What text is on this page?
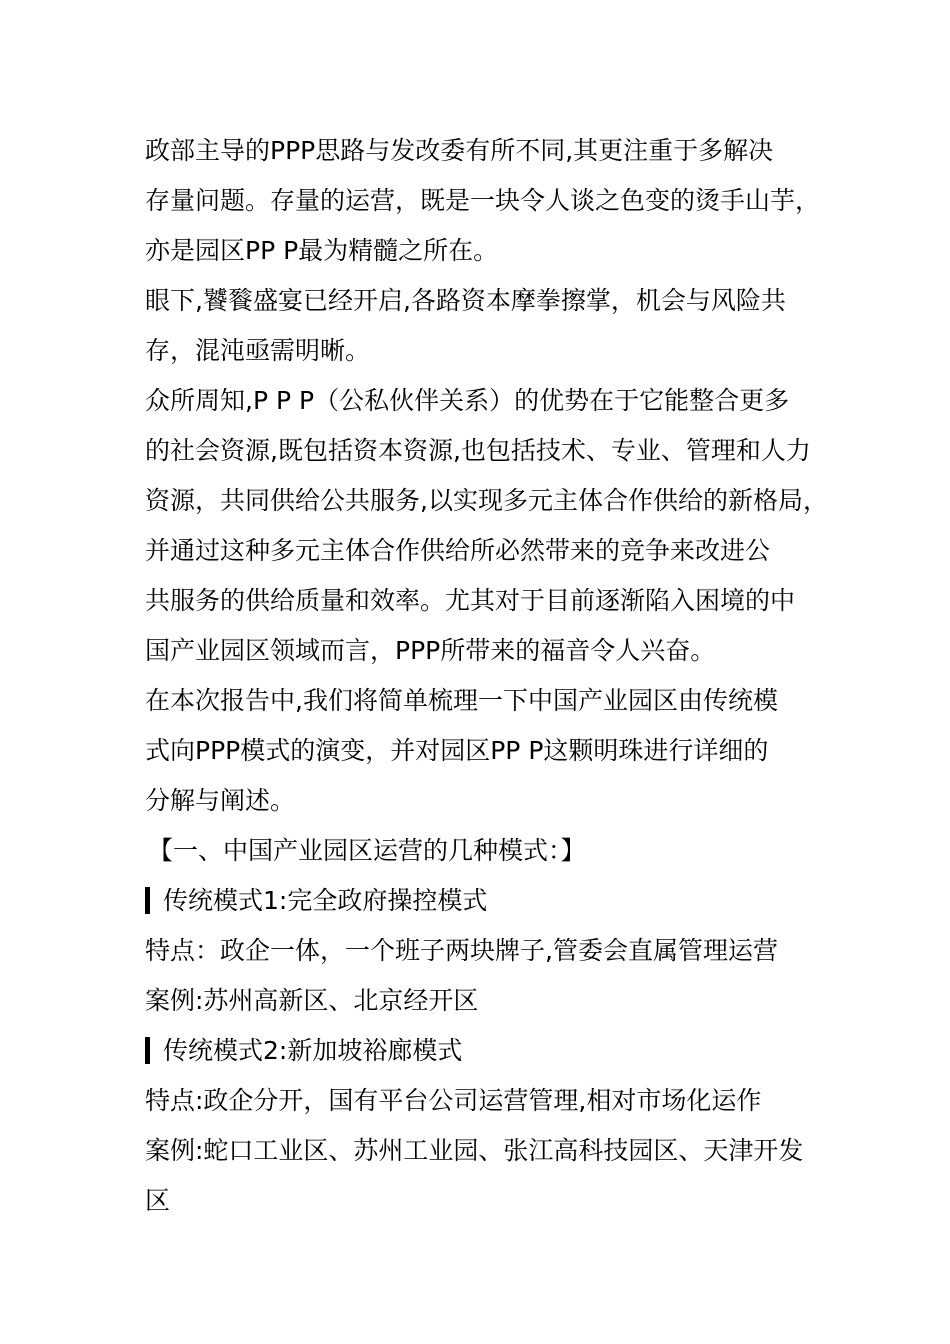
政部主导的PPP思路与发改委有所不同,其更注重于多解决
存量问题。存量的运营，既是一块令人谈之色变的烫手山芋，
亦是园区PP P最为精髓之所在。
眼下,饕餮盛宴已经开启,各路资本摩拳擦掌，机会与风险共
存，混沌亟需明晰。
众所周知,P P P（公私伙伴关系）的优势在于它能整合更多
的社会资源,既包括资本资源,也包括技术、专业、管理和人力
资源，共同供给公共服务,以实现多元主体合作供给的新格局，
并通过这种多元主体合作供给所必然带来的竞争来改进公
共服务的供给质量和效率。尤其对于目前逐渐陷入困境的中
国产业园区领域而言，PPP所带来的福音令人兴奋。
在本次报告中,我们将简单梳理一下中国产业园区由传统模
式向PPP模式的演变，并对园区PP P这颗明珠进行详细的
分解与阐述。
【一、中国产业园区运营的几种模式：】
传统模式1:完全政府操控模式
特点：政企一体，一个班子两块牌子,管委会直属管理运营
案例:苏州高新区、北京经开区
传统模式2:新加坡裕廊模式
特点:政企分开，国有平台公司运营管理,相对市场化运作
案例:蛇口工业区、苏州工业园、张江高科技园区、天津开发
区
